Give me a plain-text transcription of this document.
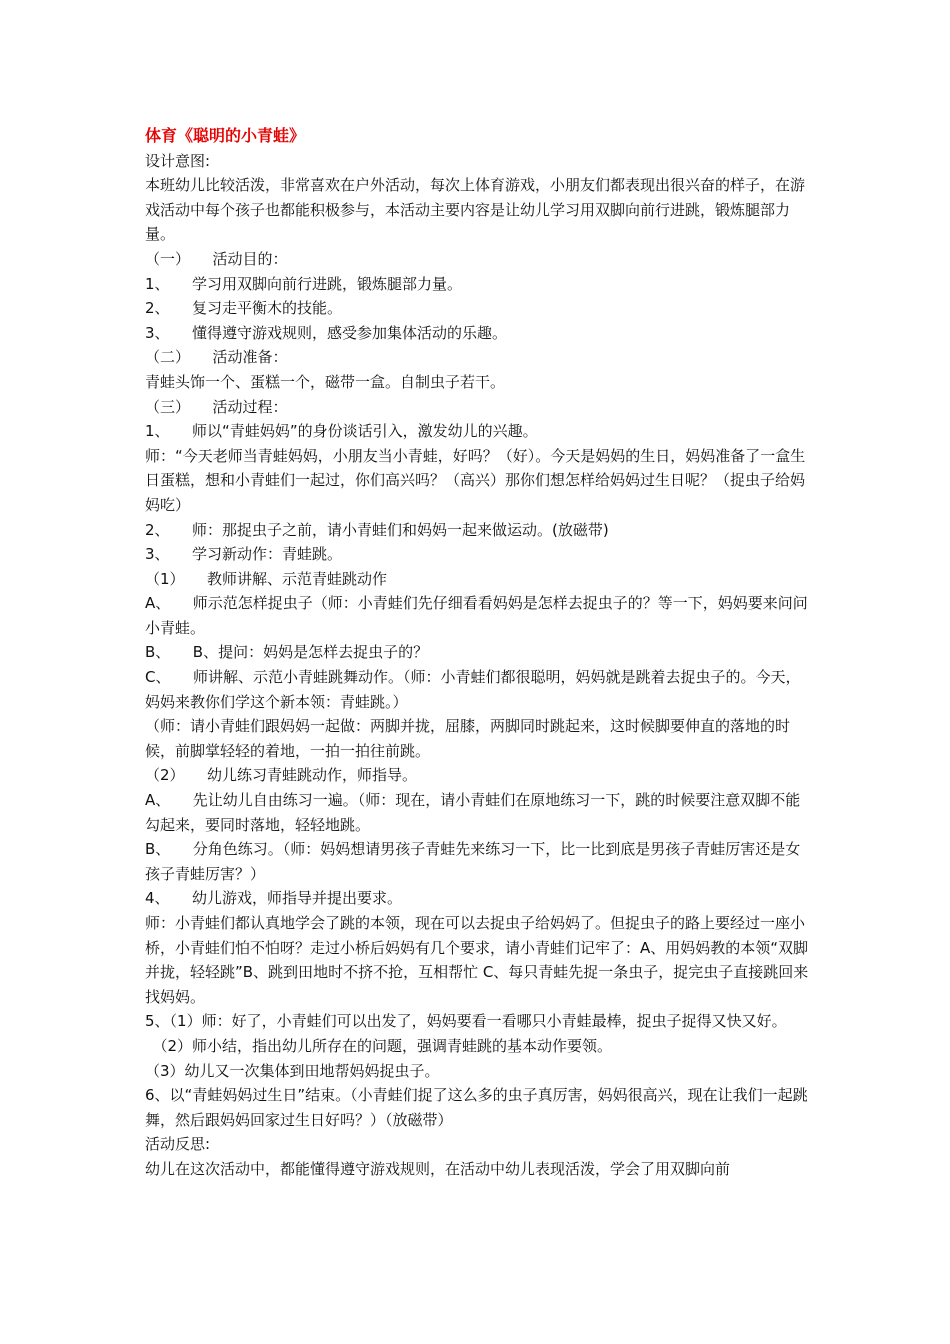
体育《聪明的小青蛙》
设计意图:
本班幼儿比较活泼，非常喜欢在户外活动，每次上体育游戏，小朋友们都表现出很兴奋的样子，在游戏活动中每个孩子也都能积极参与，本活动主要内容是让幼儿学习用双脚向前行进跳，锻炼腿部力量。
（一）　　活动目的：
1、　　学习用双脚向前行进跳，锻炼腿部力量。
2、　　复习走平衡木的技能。
3、　　懂得遵守游戏规则，感受参加集体活动的乐趣。
（二）　　活动准备：
青蛙头饰一个、蛋糕一个，磁带一盒。自制虫子若干。
（三）　　活动过程：
1、　　师以“青蛙妈妈”的身份谈话引入，激发幼儿的兴趣。
师：“今天老师当青蛙妈妈，小朋友当小青蛙，好吗？（好）。今天是妈妈的生日，妈妈准备了一盒生日蛋糕，想和小青蛙们一起过，你们高兴吗？（高兴）那你们想怎样给妈妈过生日呢？（捉虫子给妈妈吃）
2、　　师：那捉虫子之前，请小青蛙们和妈妈一起来做运动。(放磁带)
3、　　学习新动作：青蛙跳。
（1）　　教师讲解、示范青蛙跳动作
A、　　师示范怎样捉虫子（师：小青蛙们先仔细看看妈妈是怎样去捉虫子的？等一下，妈妈要来问问小青蛙。
B、　　B、提问：妈妈是怎样去捉虫子的？
C、　　师讲解、示范小青蛙跳舞动作。（师：小青蛙们都很聪明，妈妈就是跳着去捉虫子的。今天，妈妈来教你们学这个新本领：青蛙跳。）
（师：请小青蛙们跟妈妈一起做：两脚并拢，屈膝，两脚同时跳起来，这时候脚要伸直的落地的时候，前脚掌轻轻的着地，一拍一拍往前跳。
（2）　　幼儿练习青蛙跳动作，师指导。
A、　　先让幼儿自由练习一遍。（师：现在，请小青蛙们在原地练习一下，跳的时候要注意双脚不能勾起来，要同时落地，轻轻地跳。
B、　　分角色练习。（师：妈妈想请男孩子青蛙先来练习一下，比一比到底是男孩子青蛙厉害还是女孩子青蛙厉害？）
4、　　幼儿游戏，师指导并提出要求。
师：小青蛙们都认真地学会了跳的本领，现在可以去捉虫子给妈妈了。但捉虫子的路上要经过一座小桥，小青蛙们怕不怕呀？走过小桥后妈妈有几个要求，请小青蛙们记牢了：A、用妈妈教的本领“双脚并拢，轻轻跳”B、跳到田地时不挤不抢，互相帮忙 C、每只青蛙先捉一条虫子，捉完虫子直接跳回来找妈妈。
5、（1）师：好了，小青蛙们可以出发了，妈妈要看一看哪只小青蛙最棒，捉虫子捉得又快又好。
　（2）师小结，指出幼儿所存在的问题，强调青蛙跳的基本动作要领。
（3）幼儿又一次集体到田地帮妈妈捉虫子。
6、以“青蛙妈妈过生日”结束。（小青蛙们捉了这么多的虫子真厉害，妈妈很高兴，现在让我们一起跳舞，然后跟妈妈回家过生日好吗？）（放磁带）
活动反思:
幼儿在这次活动中，都能懂得遵守游戏规则，在活动中幼儿表现活泼，学会了用双脚向前
